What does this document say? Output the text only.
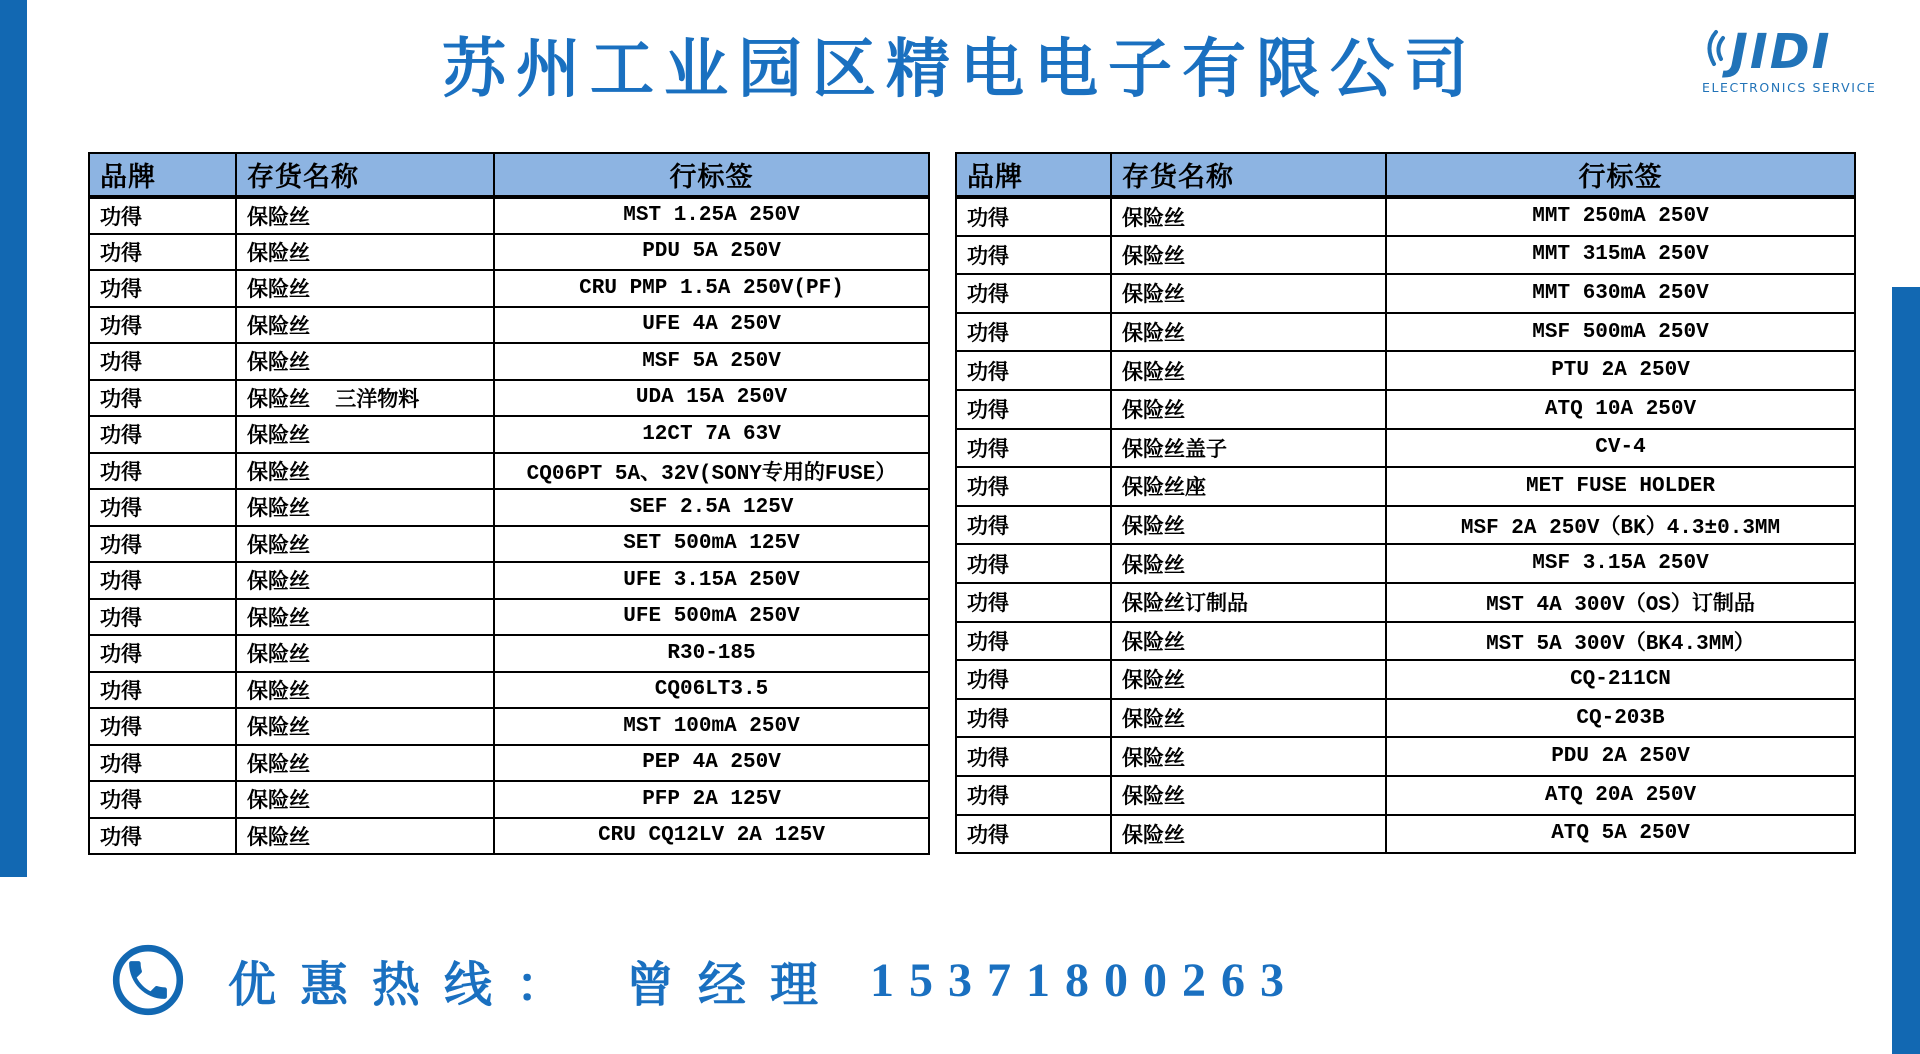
苏州工业园区精电电子有限公司	JIDI
ELECTRONICS SERVICE
品牌	存货名称	行标签
功得	保险丝	MST 1.25A 250V
功得	保险丝	PDU 5A 250V
功得	保险丝	CRU PMP 1.5A 250V(PF)
功得	保险丝	UFE 4A 250V
功得	保险丝	MSF 5A 250V
功得	保险丝  三洋物料	UDA 15A 250V
功得	保险丝	12CT 7A 63V
功得	保险丝	CQ06PT 5A、32V(SONY专用的FUSE）
功得	保险丝	SEF 2.5A 125V
功得	保险丝	SET 500mA 125V
功得	保险丝	UFE 3.15A 250V
功得	保险丝	UFE 500mA 250V
功得	保险丝	R30-185
功得	保险丝	CQ06LT3.5
功得	保险丝	MST 100mA 250V
功得	保险丝	PEP 4A 250V
功得	保险丝	PFP 2A 125V
功得	保险丝	CRU CQ12LV 2A 125V
品牌	存货名称	行标签
功得	保险丝	MMT 250mA 250V
功得	保险丝	MMT 315mA 250V
功得	保险丝	MMT 630mA 250V
功得	保险丝	MSF 500mA 250V
功得	保险丝	PTU 2A 250V
功得	保险丝	ATQ 10A 250V
功得	保险丝盖子	CV-4
功得	保险丝座	MET FUSE HOLDER
功得	保险丝	MSF 2A 250V（BK）4.3±0.3MM
功得	保险丝	MSF 3.15A 250V
功得	保险丝订制品	MST 4A 300V（OS）订制品
功得	保险丝	MST 5A 300V（BK4.3MM）
功得	保险丝	CQ-211CN
功得	保险丝	CQ-203B
功得	保险丝	PDU 2A 250V
功得	保险丝	ATQ 20A 250V
功得	保险丝	ATQ 5A 250V
优惠热线： 曾经理 15371800263
